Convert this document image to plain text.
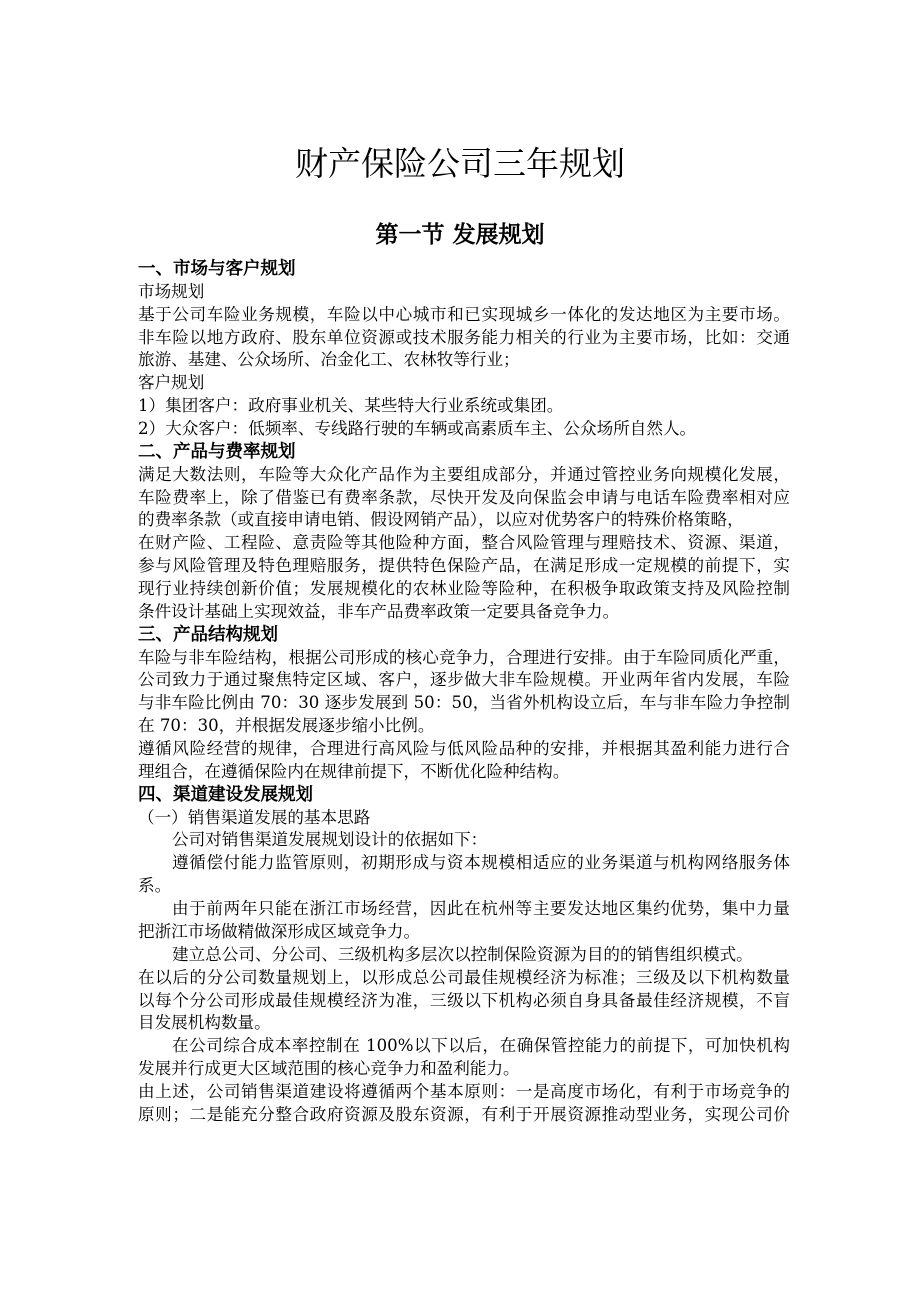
财产保险公司三年规划
第一节 发展规划
一、市场与客户规划
市场规划
基于公司车险业务规模，车险以中心城市和已实现城乡一体化的发达地区为主要市场。
非车险以地方政府、股东单位资源或技术服务能力相关的行业为主要市场，比如：交通
旅游、基建、公众场所、冶金化工、农林牧等行业；
客户规划
1）集团客户：政府事业机关、某些特大行业系统或集团。
2）大众客户：低频率、专线路行驶的车辆或高素质车主、公众场所自然人。
二、产品与费率规划
满足大数法则，车险等大众化产品作为主要组成部分，并通过管控业务向规模化发展，
车险费率上，除了借鉴已有费率条款，尽快开发及向保监会申请与电话车险费率相对应
的费率条款（或直接申请电销、假设网销产品），以应对优势客户的特殊价格策略，
在财产险、工程险、意责险等其他险种方面，整合风险管理与理赔技术、资源、渠道，
参与风险管理及特色理赔服务，提供特色保险产品，在满足形成一定规模的前提下，实
现行业持续创新价值；发展规模化的农林业险等险种，在积极争取政策支持及风险控制
条件设计基础上实现效益，非车产品费率政策一定要具备竞争力。
三、产品结构规划
车险与非车险结构，根据公司形成的核心竞争力，合理进行安排。由于车险同质化严重，
公司致力于通过聚焦特定区域、客户，逐步做大非车险规模。开业两年省内发展，车险
与非车险比例由 70：30 逐步发展到 50：50，当省外机构设立后，车与非车险力争控制
在 70：30，并根据发展逐步缩小比例。
遵循风险经营的规律，合理进行高风险与低风险品种的安排，并根据其盈利能力进行合
理组合，在遵循保险内在规律前提下，不断优化险种结构。
四、渠道建设发展规划
（一）销售渠道发展的基本思路
公司对销售渠道发展规划设计的依据如下：
遵循偿付能力监管原则，初期形成与资本规模相适应的业务渠道与机构网络服务体
系。
由于前两年只能在浙江市场经营，因此在杭州等主要发达地区集约优势，集中力量
把浙江市场做精做深形成区域竞争力。
建立总公司、分公司、三级机构多层次以控制保险资源为目的的销售组织模式。
在以后的分公司数量规划上，以形成总公司最佳规模经济为标准；三级及以下机构数量
以每个分公司形成最佳规模经济为准，三级以下机构必须自身具备最佳经济规模，不盲
目发展机构数量。
在公司综合成本率控制在 100%以下以后，在确保管控能力的前提下，可加快机构
发展并行成更大区域范围的核心竞争力和盈利能力。
由上述，公司销售渠道建设将遵循两个基本原则：一是高度市场化，有利于市场竞争的
原则；二是能充分整合政府资源及股东资源，有利于开展资源推动型业务，实现公司价
